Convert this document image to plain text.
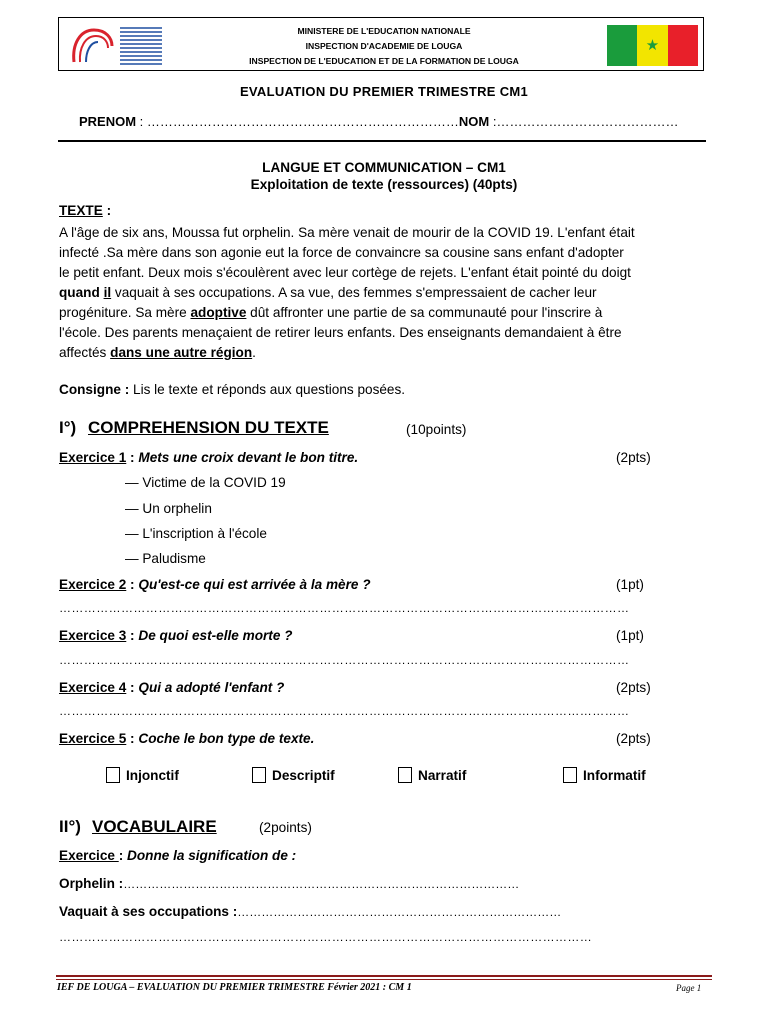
MINISTERE DE L'EDUCATION NATIONALE
INSPECTION D'ACADEMIE DE LOUGA
INSPECTION DE L'EDUCATION ET DE LA FORMATION DE LOUGA
★
EVALUATION DU PREMIER TRIMESTRE CM1
PRENOM : ………………………………………………………………NOM :……………………………………
LANGUE ET COMMUNICATION – CM1
Exploitation de texte (ressources) (40pts)
TEXTE :
A l'âge de six ans, Moussa fut orphelin. Sa mère venait de mourir de la COVID 19. L'enfant était
infecté .Sa mère dans son agonie eut la force de convaincre sa cousine sans enfant d'adopter
le petit enfant. Deux mois s'écoulèrent avec leur cortège de rejets. L'enfant était pointé du doigt
quand il vaquait à ses occupations. A sa vue, des femmes s'empressaient de cacher leur
progéniture. Sa mère adoptive dût affronter une partie de sa communauté pour l'inscrire à
l'école. Des parents menaçaient de retirer leurs enfants. Des enseignants demandaient à être
affectés dans une autre région.
Consigne : Lis le texte et réponds aux questions posées.
I°) COMPREHENSION DU TEXTE	(10points)
Exercice 1 : Mets une croix devant le bon titre.	(2pts)
— Victime de la COVID 19
— Un orphelin
— L'inscription à l'école
— Paludisme
Exercice 2 : Qu'est-ce qui est arrivée à la mère ?	(1pt)
…………………………………………………………………………………………………………………………
Exercice 3 : De quoi est-elle morte ?	(1pt)
…………………………………………………………………………………………………………………………
Exercice 4 : Qui a adopté l'enfant ?	(2pts)
…………………………………………………………………………………………………………………………
Exercice 5 : Coche le bon type de texte.	(2pts)
Injonctif	Descriptif	Narratif	Informatif
II°) VOCABULAIRE	(2points)
Exercice : Donne la signification de :
Orphelin :………………………………………………………………………………………
Vaquait à ses occupations :………………………………………………………………………
…………………………………………………………………………………………………………………
IEF DE LOUGA – EVALUATION DU PREMIER TRIMESTRE Février 2021 : CM 1	Page 1
